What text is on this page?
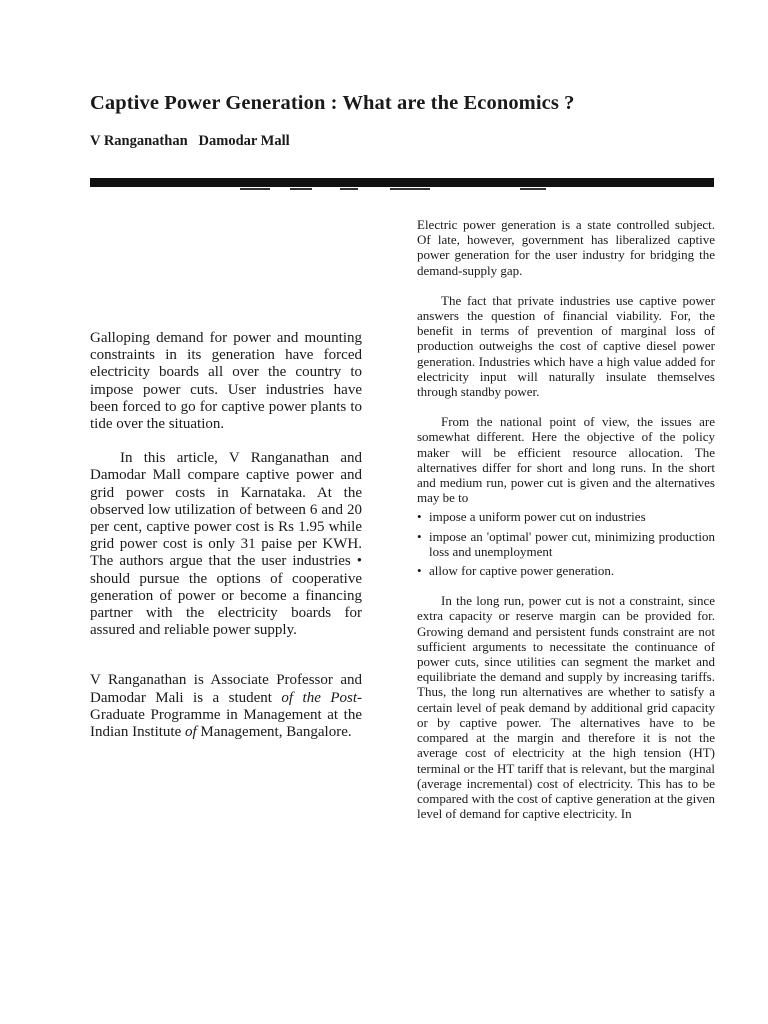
Captive Power Generation : What are the Economics ?
V Ranganathan   Damodar Mall

Galloping demand for power and mounting constraints in its generation have forced electricity boards all over the country to impose power cuts. User industries have been forced to go for captive power plants to tide over the situation.

In this article, V Ranganathan and Damodar Mall compare captive power and grid power costs in Karnataka. At the observed low utilization of between 6 and 20 per cent, captive power cost is Rs 1.95 while grid power cost is only 31 paise per KWH. The authors argue that the user industries • should pursue the options of cooperative generation of power or become a financing partner with the electricity boards for assured and reliable power supply.

V Ranganathan is Associate Professor and Damodar Mali is a student of the Post-Graduate Programme in Management at the Indian Institute of Management, Bangalore.

Electric power generation is a state controlled subject. Of late, however, government has liberalized captive power generation for the user industry for bridging the demand-supply gap.

The fact that private industries use captive power answers the question of financial viability. For, the benefit in terms of prevention of marginal loss of production outweighs the cost of captive diesel power generation. Industries which have a high value added for electricity input will naturally insulate themselves through standby power.

From the national point of view, the issues are somewhat different. Here the objective of the policy maker will be efficient resource allocation. The alternatives differ for short and long runs. In the short and medium run, power cut is given and the alternatives may be to

• impose a uniform power cut on industries
• impose an 'optimal' power cut, minimizing production loss and unemployment
• allow for captive power generation.

In the long run, power cut is not a constraint, since extra capacity or reserve margin can be provided for. Growing demand and persistent funds constraint are not sufficient arguments to necessitate the continuance of power cuts, since utilities can segment the market and equilibriate the demand and supply by increasing tariffs. Thus, the long run alternatives are whether to satisfy a certain level of peak demand by additional grid capacity or by captive power. The alternatives have to be compared at the margin and therefore it is not the average cost of electricity at the high tension (HT) terminal or the HT tariff that is relevant, but the marginal (average incremental) cost of electricity. This has to be compared with the cost of captive generation at the given level of demand for captive electricity. In
